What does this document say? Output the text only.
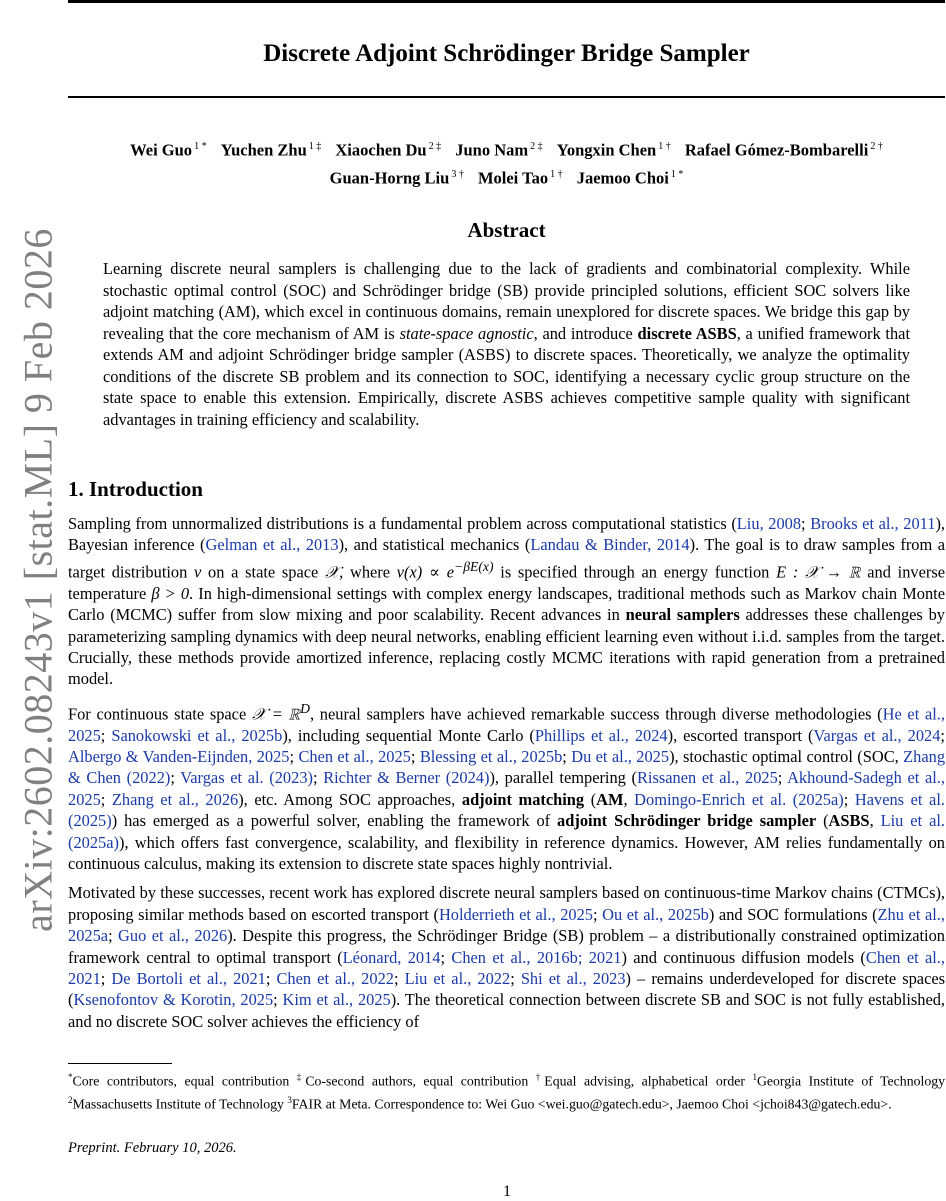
Discrete Adjoint Schrödinger Bridge Sampler
Wei Guo $^{1 *}$ Yuchen Zhu $^{1 \ddagger}$ Xiaochen Du $^{2 \ddagger}$ Juno Nam $^{2 \ddagger}$ Yongxin Chen $^{1 \dagger}$ Rafael Gómez-Bombarelli $^{2 \dagger}$
Guan-Horng Liu $^{3 \dagger}$ Molei Tao $^{1 \dagger}$ Jaemoo Choi $^{1 *}$
Abstract

Learning discrete neural samplers is challenging due to the lack of gradients and combinatorial complexity. While stochastic optimal control (SOC) and Schrödinger bridge (SB) provide principled solutions, efficient SOC solvers like adjoint matching (AM), which excel in continuous domains, remain unexplored for discrete spaces. We bridge this gap by revealing that the core mechanism of AM is state-space agnostic, and introduce discrete ASBS, a unified framework that extends AM and adjoint Schrödinger bridge sampler (ASBS) to discrete spaces. Theoretically, we analyze the optimality conditions of the discrete SB problem and its connection to SOC, identifying a necessary cyclic group structure on the state space to enable this extension. Empirically, discrete ASBS achieves competitive sample quality with significant advantages in training efficiency and scalability.

1. Introduction

Sampling from unnormalized distributions is a fundamental problem across computational statistics (Liu, 2008; Brooks et al., 2011), Bayesian inference (Gelman et al., 2013), and statistical mechanics (Landau & Binder, 2014). The goal is to draw samples from a target distribution ν on a state space 𝒳, where $\nu(x) \propto e^{-\beta E(x)}$ is specified through an energy function E : 𝒳 → ℝ and inverse temperature β > 0. In high-dimensional settings with complex energy landscapes, traditional methods such as Markov chain Monte Carlo (MCMC) suffer from slow mixing and poor scalability. Recent advances in neural samplers addresses these challenges by parameterizing sampling dynamics with deep neural networks, enabling efficient learning even without i.i.d. samples from the target. Crucially, these methods provide amortized inference, replacing costly MCMC iterations with rapid generation from a pretrained model.

For continuous state space 𝒳 = ℝ$^D$, neural samplers have achieved remarkable success through diverse methodologies (He et al., 2025; Sanokowski et al., 2025b), including sequential Monte Carlo (Phillips et al., 2024), escorted transport (Vargas et al., 2024; Albergo & Vanden-Eijnden, 2025; Chen et al., 2025; Blessing et al., 2025b; Du et al., 2025), stochastic optimal control (SOC, Zhang & Chen (2022); Vargas et al. (2023); Richter & Berner (2024)), parallel tempering (Rissanen et al., 2025; Akhound-Sadegh et al., 2025; Zhang et al., 2026), etc. Among SOC approaches, adjoint matching (AM, Domingo-Enrich et al. (2025a); Havens et al. (2025)) has emerged as a powerful solver, enabling the framework of adjoint Schrödinger bridge sampler (ASBS, Liu et al. (2025a)), which offers fast convergence, scalability, and flexibility in reference dynamics. However, AM relies fundamentally on continuous calculus, making its extension to discrete state spaces highly nontrivial.

Motivated by these successes, recent work has explored discrete neural samplers based on continuous-time Markov chains (CTMCs), proposing similar methods based on escorted transport (Holderrieth et al., 2025; Ou et al., 2025b) and SOC formulations (Zhu et al., 2025a; Guo et al., 2026). Despite this progress, the Schrödinger Bridge (SB) problem – a distributionally constrained optimization framework central to optimal transport (Léonard, 2014; Chen et al., 2016b; 2021) and continuous diffusion models (Chen et al., 2021; De Bortoli et al., 2021; Chen et al., 2022; Liu et al., 2022; Shi et al., 2023) – remains underdeveloped for discrete spaces (Ksenofontov & Korotin, 2025; Kim et al., 2025). The theoretical connection between discrete SB and SOC is not fully established, and no discrete SOC solver achieves the efficiency of

*Core contributors, equal contribution ‡Co-second authors, equal contribution †Equal advising, alphabetical order $^1$Georgia Institute of Technology $^2$Massachusetts Institute of Technology $^3$FAIR at Meta. Correspondence to: Wei Guo <wei.guo@gatech.edu>, Jaemoo Choi <jchoi843@gatech.edu>.

Preprint. February 10, 2026.
1
arXiv:2602.08243v1 [stat.ML] 9 Feb 2026
